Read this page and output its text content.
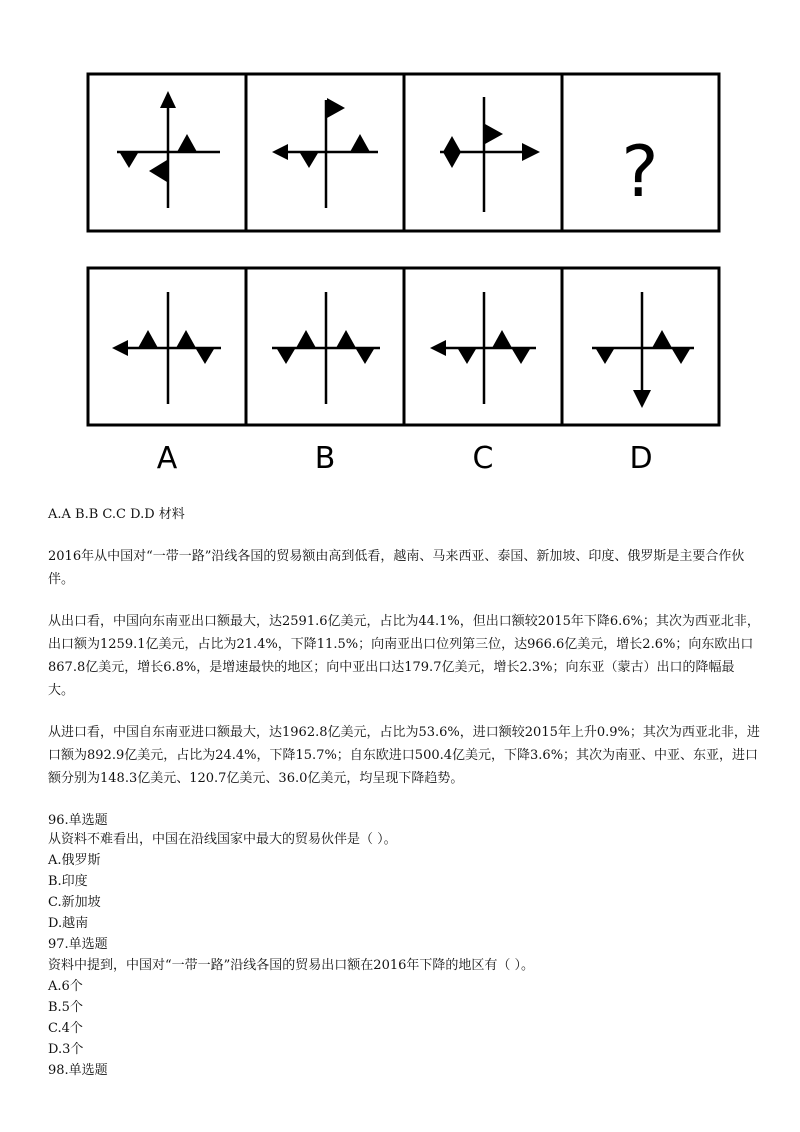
?
A	B	C	D
A.A B.B C.C D.D 材料

2016年从中国对“一带一路”沿线各国的贸易额由高到低看，越南、马来西亚、泰国、新加坡、印度、俄罗斯是主要合作伙伴。

从出口看，中国向东南亚出口额最大，达2591.6亿美元，占比为44.1%，但出口额较2015年下降6.6%；其次为西亚北非，出口额为1259.1亿美元，占比为21.4%，下降11.5%；向南亚出口位列第三位，达966.6亿美元，增长2.6%；向东欧出口867.8亿美元，增长6.8%，是增速最快的地区；向中亚出口达179.7亿美元，增长2.3%；向东亚（蒙古）出口的降幅最大。

从进口看，中国自东南亚进口额最大，达1962.8亿美元，占比为53.6%，进口额较2015年上升0.9%；其次为西亚北非，进口额为892.9亿美元，占比为24.4%，下降15.7%；自东欧进口500.4亿美元，下降3.6%；其次为南亚、中亚、东亚，进口额分别为148.3亿美元、120.7亿美元、36.0亿美元，均呈现下降趋势。

96.单选题
从资料不难看出，中国在沿线国家中最大的贸易伙伴是（ ）。
A.俄罗斯
B.印度
C.新加坡
D.越南
97.单选题
资料中提到，中国对“一带一路”沿线各国的贸易出口额在2016年下降的地区有（ ）。
A.6个
B.5个
C.4个
D.3个
98.单选题
